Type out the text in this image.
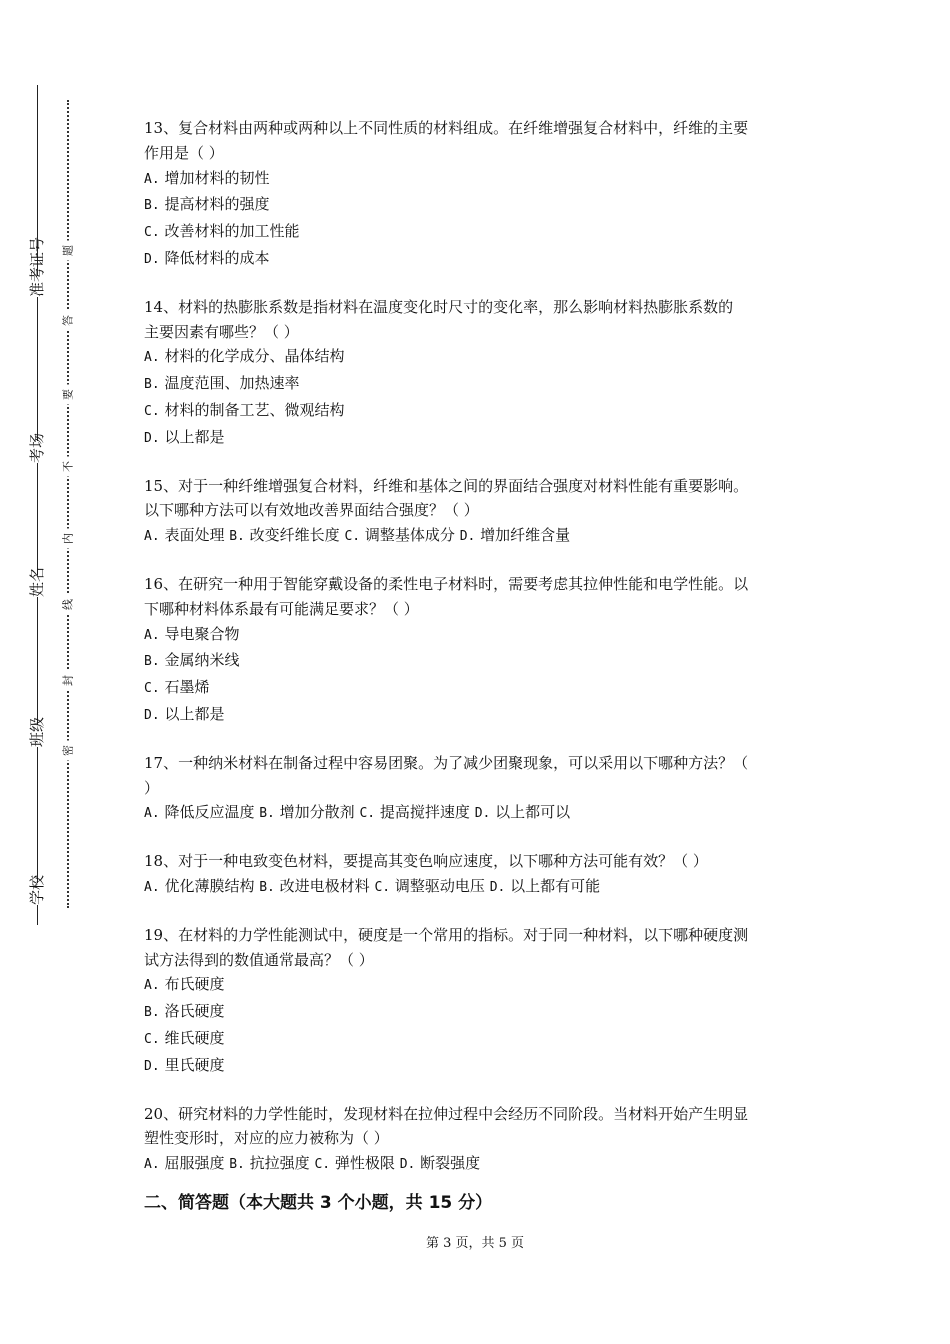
学校
班级
姓名
考场
准考证号
密
封
线
内
不
要
答
题
13、复合材料由两种或两种以上不同性质的材料组成。在纤维增强复合材料中，纤维的主要
作用是（ ）
A. 增加材料的韧性
B. 提高材料的强度
C. 改善材料的加工性能
D. 降低材料的成本
14、材料的热膨胀系数是指材料在温度变化时尺寸的变化率，那么影响材料热膨胀系数的
主要因素有哪些？（ ）
A. 材料的化学成分、晶体结构
B. 温度范围、加热速率
C. 材料的制备工艺、微观结构
D. 以上都是
15、对于一种纤维增强复合材料，纤维和基体之间的界面结合强度对材料性能有重要影响。
以下哪种方法可以有效地改善界面结合强度？（ ）
A. 表面处理 B. 改变纤维长度 C. 调整基体成分 D. 增加纤维含量
16、在研究一种用于智能穿戴设备的柔性电子材料时，需要考虑其拉伸性能和电学性能。以
下哪种材料体系最有可能满足要求？（ ）
A. 导电聚合物
B. 金属纳米线
C. 石墨烯
D. 以上都是
17、一种纳米材料在制备过程中容易团聚。为了减少团聚现象，可以采用以下哪种方法？（
）
A. 降低反应温度 B. 增加分散剂 C. 提高搅拌速度 D. 以上都可以
18、对于一种电致变色材料，要提高其变色响应速度，以下哪种方法可能有效？（ ）
A. 优化薄膜结构 B. 改进电极材料 C. 调整驱动电压 D. 以上都有可能
19、在材料的力学性能测试中，硬度是一个常用的指标。对于同一种材料，以下哪种硬度测
试方法得到的数值通常最高？（ ）
A. 布氏硬度
B. 洛氏硬度
C. 维氏硬度
D. 里氏硬度
20、研究材料的力学性能时，发现材料在拉伸过程中会经历不同阶段。当材料开始产生明显
塑性变形时，对应的应力被称为（ ）
A. 屈服强度 B. 抗拉强度 C. 弹性极限 D. 断裂强度
二、简答题（本大题共 3 个小题，共 15 分）
第 3 页，共 5 页
